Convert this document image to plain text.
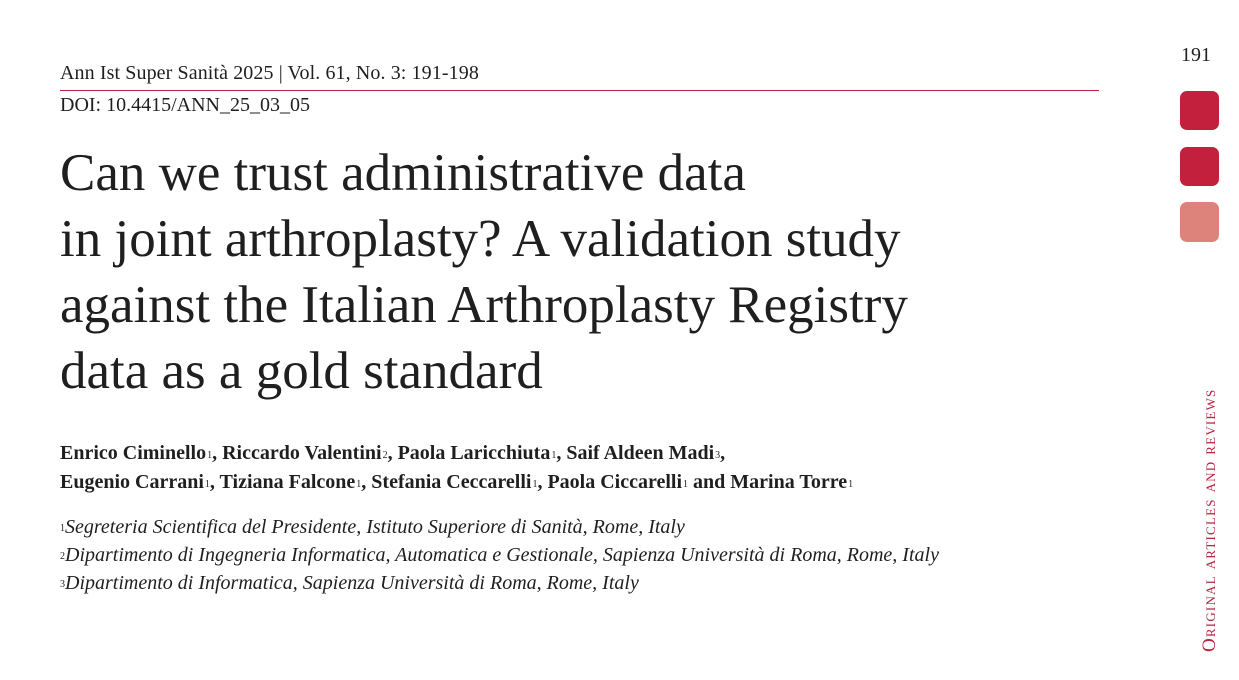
Ann Ist Super Sanità 2025 | Vol. 61, No. 3: 191-198
DOI: 10.4415/ANN_25_03_05
Can we trust administrative data
in joint arthroplasty? A validation study
against the Italian Arthroplasty Registry
data as a gold standard
Enrico Ciminello$^1$, Riccardo Valentini$^2$, Paola Laricchiuta$^1$, Saif Aldeen Madi$^3$,
Eugenio Carrani$^1$, Tiziana Falcone$^1$, Stefania Ceccarelli$^1$, Paola Ciccarelli$^1$ and Marina Torre$^1$
$^1$Segreteria Scientifica del Presidente, Istituto Superiore di Sanità, Rome, Italy
$^2$Dipartimento di Ingegneria Informatica, Automatica e Gestionale, Sapienza Università di Roma, Rome, Italy
$^3$Dipartimento di Informatica, Sapienza Università di Roma, Rome, Italy
191
Original articles and reviews
